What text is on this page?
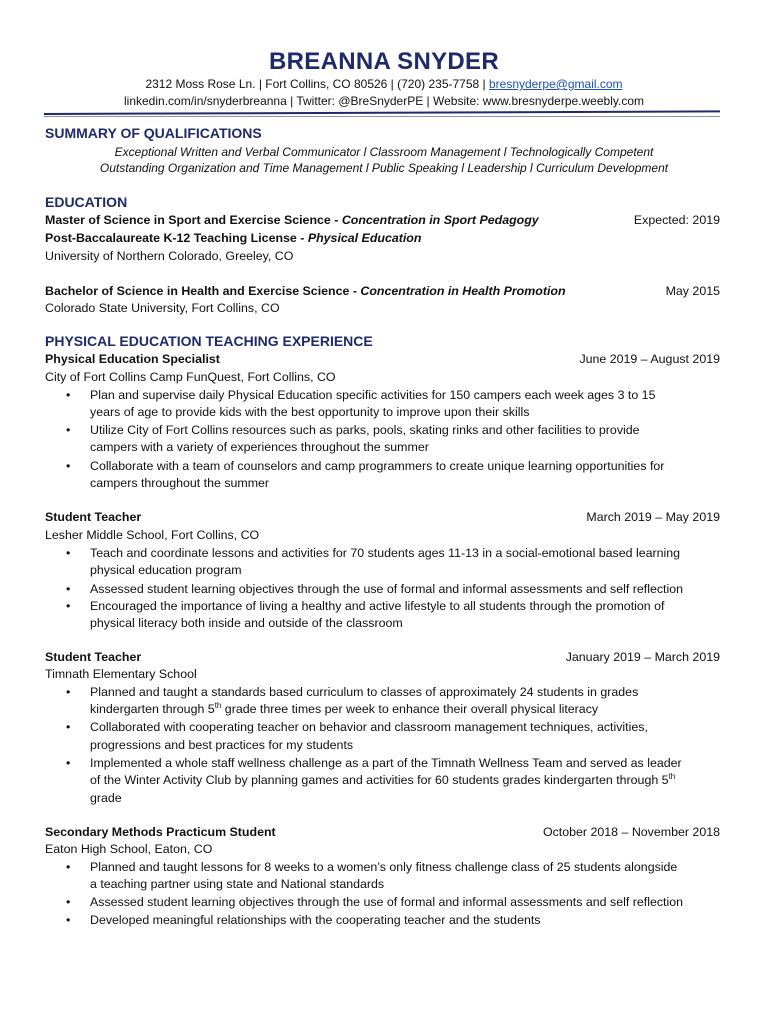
BREANNA SNYDER
2312 Moss Rose Ln. | Fort Collins, CO 80526 | (720) 235-7758 | bresnyderpe@gmail.com
linkedin.com/in/snyderbreanna | Twitter: @BreSnyderPE | Website: www.bresnyderpe.weebly.com
SUMMARY OF QUALIFICATIONS
Exceptional Written and Verbal Communicator l Classroom Management l Technologically Competent
Outstanding Organization and Time Management l Public Speaking l Leadership l Curriculum Development
EDUCATION
Master of Science in Sport and Exercise Science - Concentration in Sport Pedagogy	Expected: 2019
Post-Baccalaureate K-12 Teaching License - Physical Education
University of Northern Colorado, Greeley, CO
Bachelor of Science in Health and Exercise Science - Concentration in Health Promotion	May 2015
Colorado State University, Fort Collins, CO
PHYSICAL EDUCATION TEACHING EXPERIENCE
Physical Education Specialist	June 2019 – August 2019
City of Fort Collins Camp FunQuest, Fort Collins, CO
• Plan and supervise daily Physical Education specific activities for 150 campers each week ages 3 to 15
years of age to provide kids with the best opportunity to improve upon their skills
• Utilize City of Fort Collins resources such as parks, pools, skating rinks and other facilities to provide
campers with a variety of experiences throughout the summer
• Collaborate with a team of counselors and camp programmers to create unique learning opportunities for
campers throughout the summer
Student Teacher	March 2019 – May 2019
Lesher Middle School, Fort Collins, CO
• Teach and coordinate lessons and activities for 70 students ages 11-13 in a social-emotional based learning
physical education program
• Assessed student learning objectives through the use of formal and informal assessments and self reflection
• Encouraged the importance of living a healthy and active lifestyle to all students through the promotion of
physical literacy both inside and outside of the classroom
Student Teacher	January 2019 – March 2019
Timnath Elementary School
• Planned and taught a standards based curriculum to classes of approximately 24 students in grades
kindergarten through 5th grade three times per week to enhance their overall physical literacy
• Collaborated with cooperating teacher on behavior and classroom management techniques, activities,
progressions and best practices for my students
• Implemented a whole staff wellness challenge as a part of the Timnath Wellness Team and served as leader
of the Winter Activity Club by planning games and activities for 60 students grades kindergarten through 5th
grade
Secondary Methods Practicum Student	October 2018 – November 2018
Eaton High School, Eaton, CO
• Planned and taught lessons for 8 weeks to a women’s only fitness challenge class of 25 students alongside
a teaching partner using state and National standards
• Assessed student learning objectives through the use of formal and informal assessments and self reflection
• Developed meaningful relationships with the cooperating teacher and the students
